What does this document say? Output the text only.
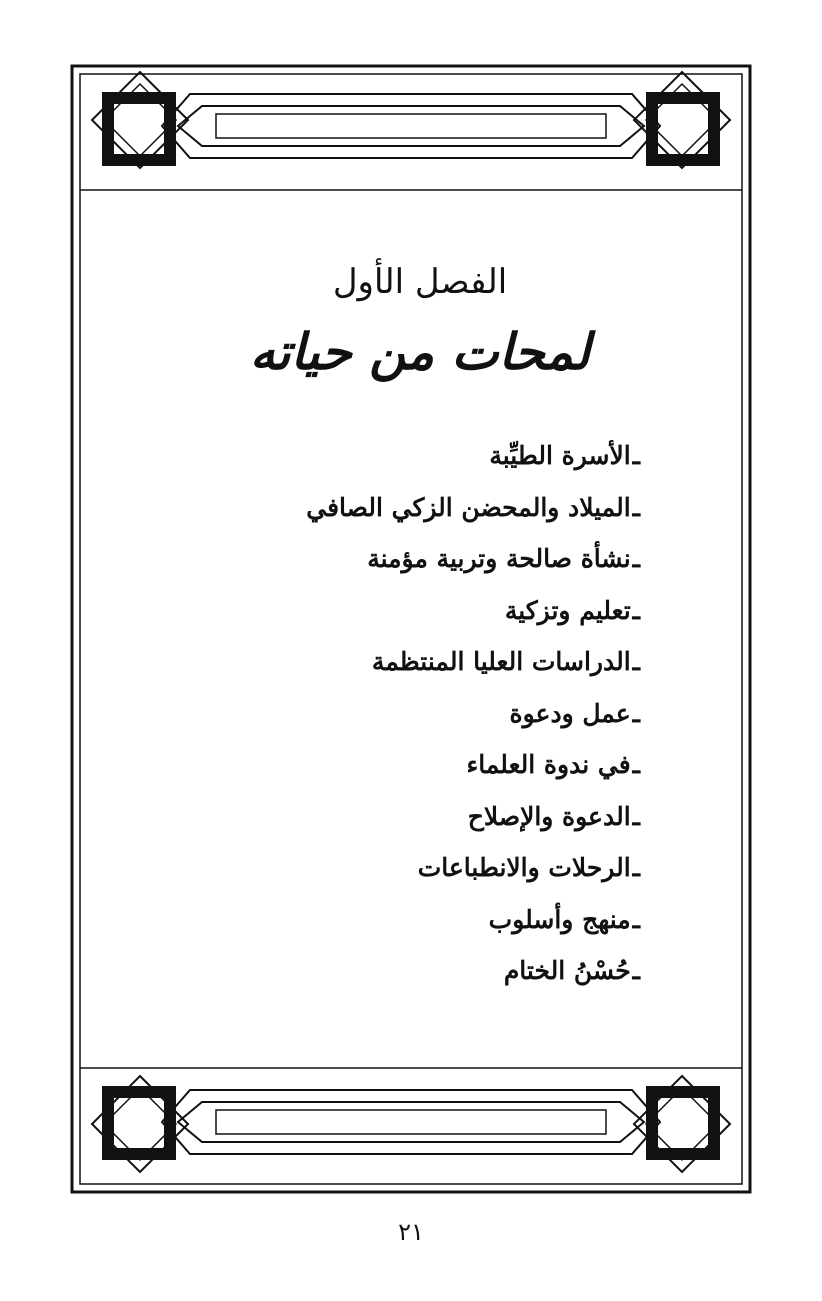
الفصل الأول
لمحات من حياته
ـالأسرة الطيِّبة
ـالميلاد والمحضن الزكي الصافي
ـنشأة صالحة وتربية مؤمنة
ـتعليم وتزكية
ـالدراسات العليا المنتظمة
ـعمل ودعوة
ـفي ندوة العلماء
ـالدعوة والإصلاح
ـالرحلات والانطباعات
ـمنهج وأسلوب
ـحُسْنُ الختام
٢١
